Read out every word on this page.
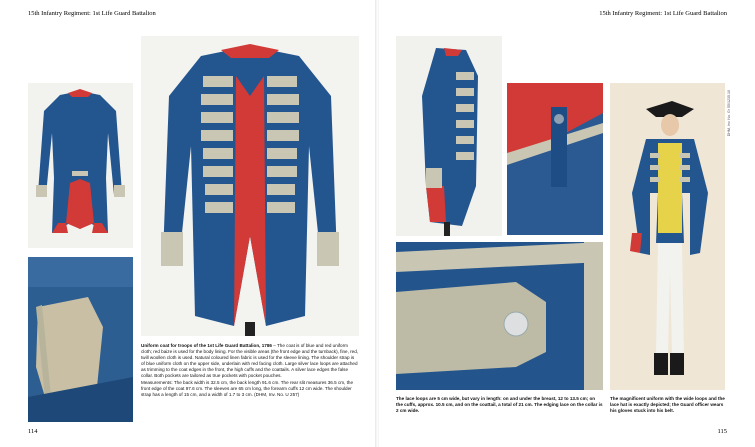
15th Infantry Regiment: 1st Life Guard Battalion
Uniform coat for troops of the 1st Life Guard Battalion, 1786 – The coat is of blue and red uniform cloth; red baize is used for the body lining. For the visible areas (the front edge and the turnback), fine, red, twill woollen cloth is used. Natural coloured linen fabric is used for the sleeve lining. The shoulder strap is of blue uniform cloth on the upper side, underlain with red facing cloth. Large silver lace loops are attached as trimming to the coat edges in the front, the high cuffs and the coattails. A silver lace edges the false collar. Both pockets are tailored as true pockets with pocket pouches.
Measurements: The back width is 32.5 cm, the back length 91.6 cm. The rear slit measures 36.5 cm, the front edge of the coat 97.6 cm. The sleeves are 65 cm long, the forearm cuffs 12 cm wide. The shoulder strap has a length of 15 cm, and a width of 1.7 to 3 cm. (DHM, Inv. No. U 257)
114
15th Infantry Regiment: 1st Life Guard Battalion
DHM, Inv. No. Gr 55/1235.10
The lace loops are 5 cm wide, but vary in length: on and under the breast, 12 to 13.5 cm; on the cuffs, approx. 10.5 cm, and on the coattail, a total of 21 cm. The edging lace on the collar is 2 cm wide.
The magnificent uniform with the wide loops and the lace hat is exactly depicted; the Guard officer wears his gloves stuck into his belt.
115
